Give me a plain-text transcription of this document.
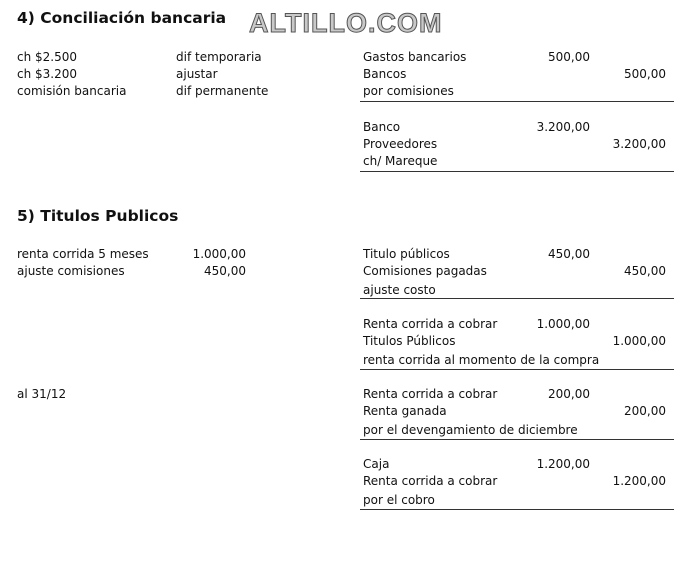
4) Conciliación bancaria ALTILLO.COM
ch $2.500	dif temporaria
ch $3.200	ajustar
comisión bancaria	dif permanente
Gastos bancarios	500,00
Bancos	500,00
por comisiones
Banco	3.200,00
Proveedores	3.200,00
ch/ Mareque
5) Titulos Publicos
renta corrida 5 meses	1.000,00
ajuste comisiones	450,00
al 31/12
Titulo públicos	450,00
Comisiones pagadas	450,00
ajuste costo
Renta corrida a cobrar	1.000,00
Titulos Públicos	1.000,00
renta corrida al momento de la compra
Renta corrida a cobrar	200,00
Renta ganada	200,00
por el devengamiento de diciembre
Caja	1.200,00
Renta corrida a cobrar	1.200,00
por el cobro
